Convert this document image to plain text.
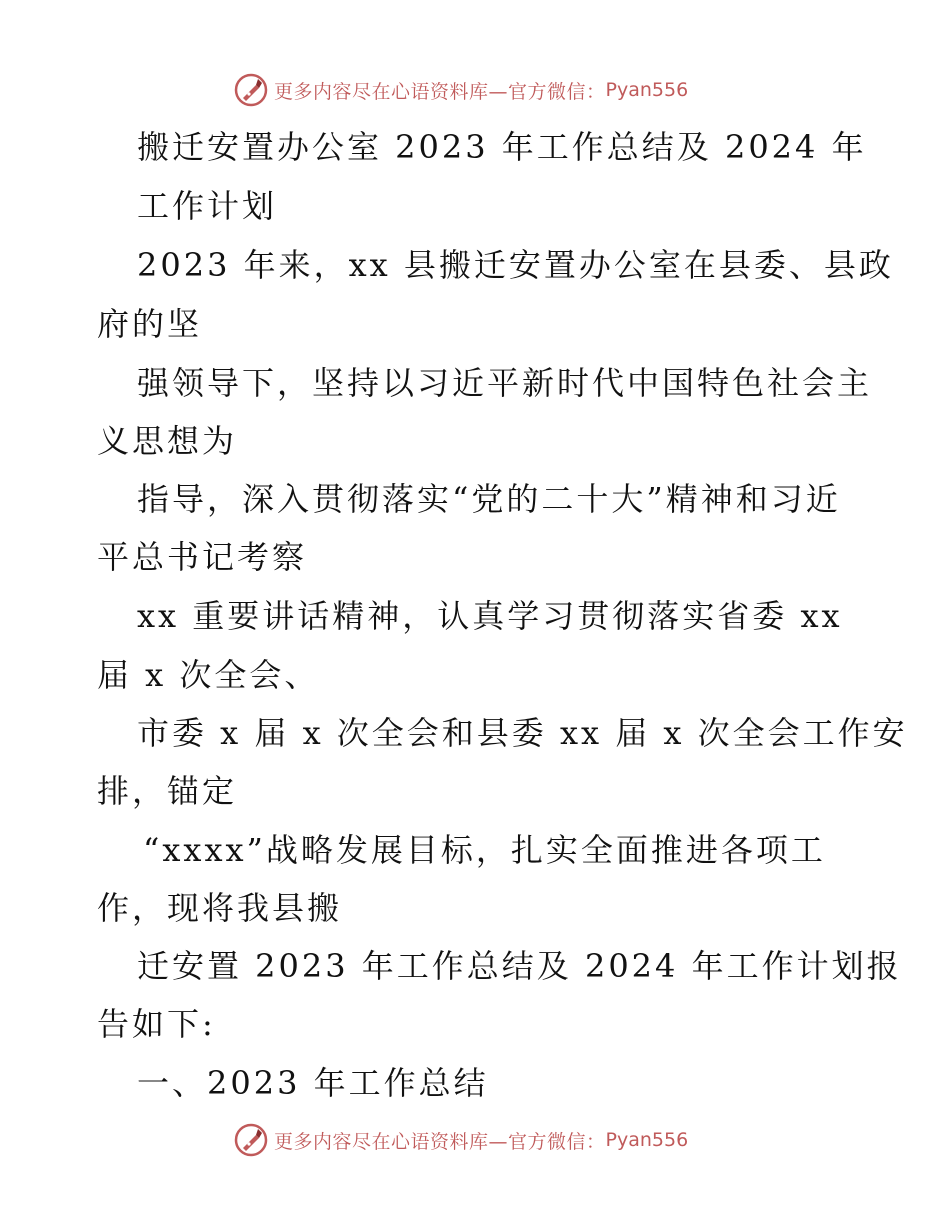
更多内容尽在心语资料库—官方微信： Pyan556
搬迁安置办公室 2023 年工作总结及 2024 年
工作计划
2023 年来，xx 县搬迁安置办公室在县委、县政
府的坚
强领导下，坚持以习近平新时代中国特色社会主
义思想为
指导，深入贯彻落实“党的二十大”精神和习近
平总书记考察
xx 重要讲话精神，认真学习贯彻落实省委 xx
届 x 次全会、
市委 x 届 x 次全会和县委 xx 届 x 次全会工作安
排，锚定
“xxxx”战略发展目标，扎实全面推进各项工
作，现将我县搬
迁安置 2023 年工作总结及 2024 年工作计划报
告如下:
一、2023 年工作总结
更多内容尽在心语资料库—官方微信： Pyan556
